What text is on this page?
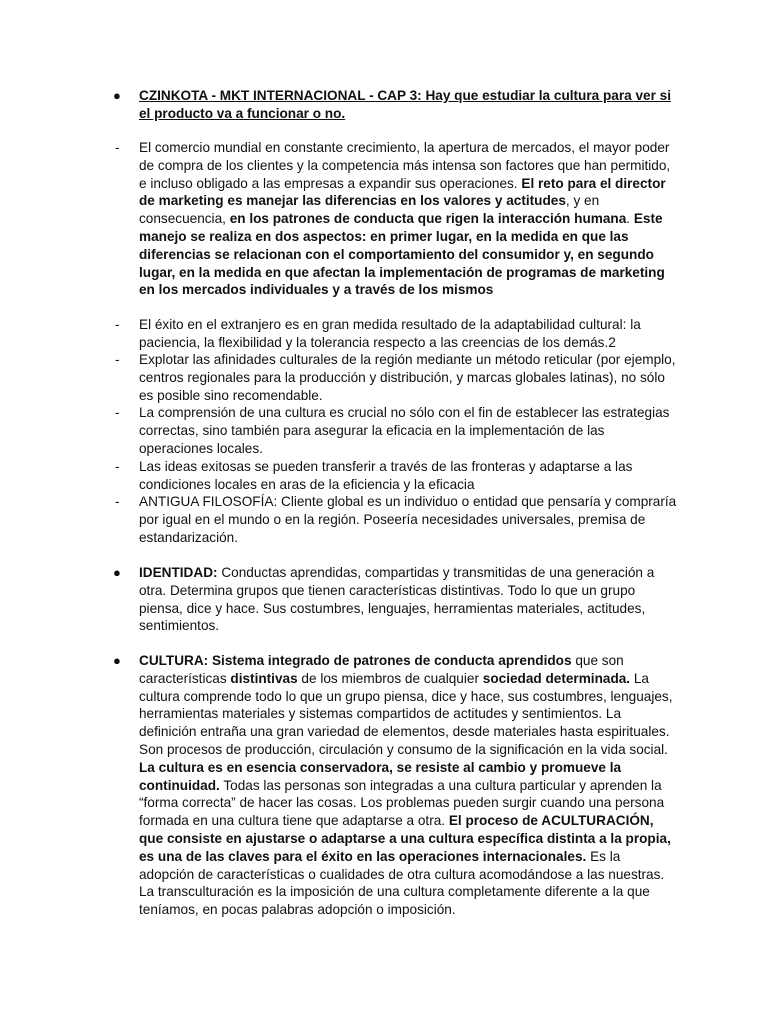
●	CZINKOTA - MKT INTERNACIONAL - CAP 3: Hay que estudiar la cultura para ver si el producto va a funcionar o no.

-	El comercio mundial en constante crecimiento, la apertura de mercados, el mayor poder de compra de los clientes y la competencia más intensa son factores que han permitido, e incluso obligado a las empresas a expandir sus operaciones. El reto para el director de marketing es manejar las diferencias en los valores y actitudes, y en consecuencia, en los patrones de conducta que rigen la interacción humana. Este manejo se realiza en dos aspectos: en primer lugar, en la medida en que las diferencias se relacionan con el comportamiento del consumidor y, en segundo lugar, en la medida en que afectan la implementación de programas de marketing en los mercados individuales y a través de los mismos

-	El éxito en el extranjero es en gran medida resultado de la adaptabilidad cultural: la paciencia, la flexibilidad y la tolerancia respecto a las creencias de los demás.2

-	Explotar las afinidades culturales de la región mediante un método reticular (por ejemplo, centros regionales para la producción y distribución, y marcas globales latinas), no sólo es posible sino recomendable.

-	La comprensión de una cultura es crucial no sólo con el fin de establecer las estrategias correctas, sino también para asegurar la eficacia en la implementación de las operaciones locales.

-	Las ideas exitosas se pueden transferir a través de las fronteras y adaptarse a las condiciones locales en aras de la eficiencia y la eficacia

-	ANTIGUA FILOSOFÍA: Cliente global es un individuo o entidad que pensaría y compraría por igual en el mundo o en la región. Poseería necesidades universales, premisa de estandarización.

●	IDENTIDAD: Conductas aprendidas, compartidas y transmitidas de una generación a otra. Determina grupos que tienen características distintivas. Todo lo que un grupo piensa, dice y hace. Sus costumbres, lenguajes, herramientas materiales, actitudes, sentimientos.

●	CULTURA: Sistema integrado de patrones de conducta aprendidos que son características distintivas de los miembros de cualquier sociedad determinada. La cultura comprende todo lo que un grupo piensa, dice y hace, sus costumbres, lenguajes, herramientas materiales y sistemas compartidos de actitudes y sentimientos. La definición entraña una gran variedad de elementos, desde materiales hasta espirituales. Son procesos de producción, circulación y consumo de la significación en la vida social. La cultura es en esencia conservadora, se resiste al cambio y promueve la continuidad. Todas las personas son integradas a una cultura particular y aprenden la “forma correcta” de hacer las cosas. Los problemas pueden surgir cuando una persona formada en una cultura tiene que adaptarse a otra. El proceso de ACULTURACIÓN, que consiste en ajustarse o adaptarse a una cultura específica distinta a la propia, es una de las claves para el éxito en las operaciones internacionales. Es la adopción de características o cualidades de otra cultura acomodándose a las nuestras. La transculturación es la imposición de una cultura completamente diferente a la que teníamos, en pocas palabras adopción o imposición.
